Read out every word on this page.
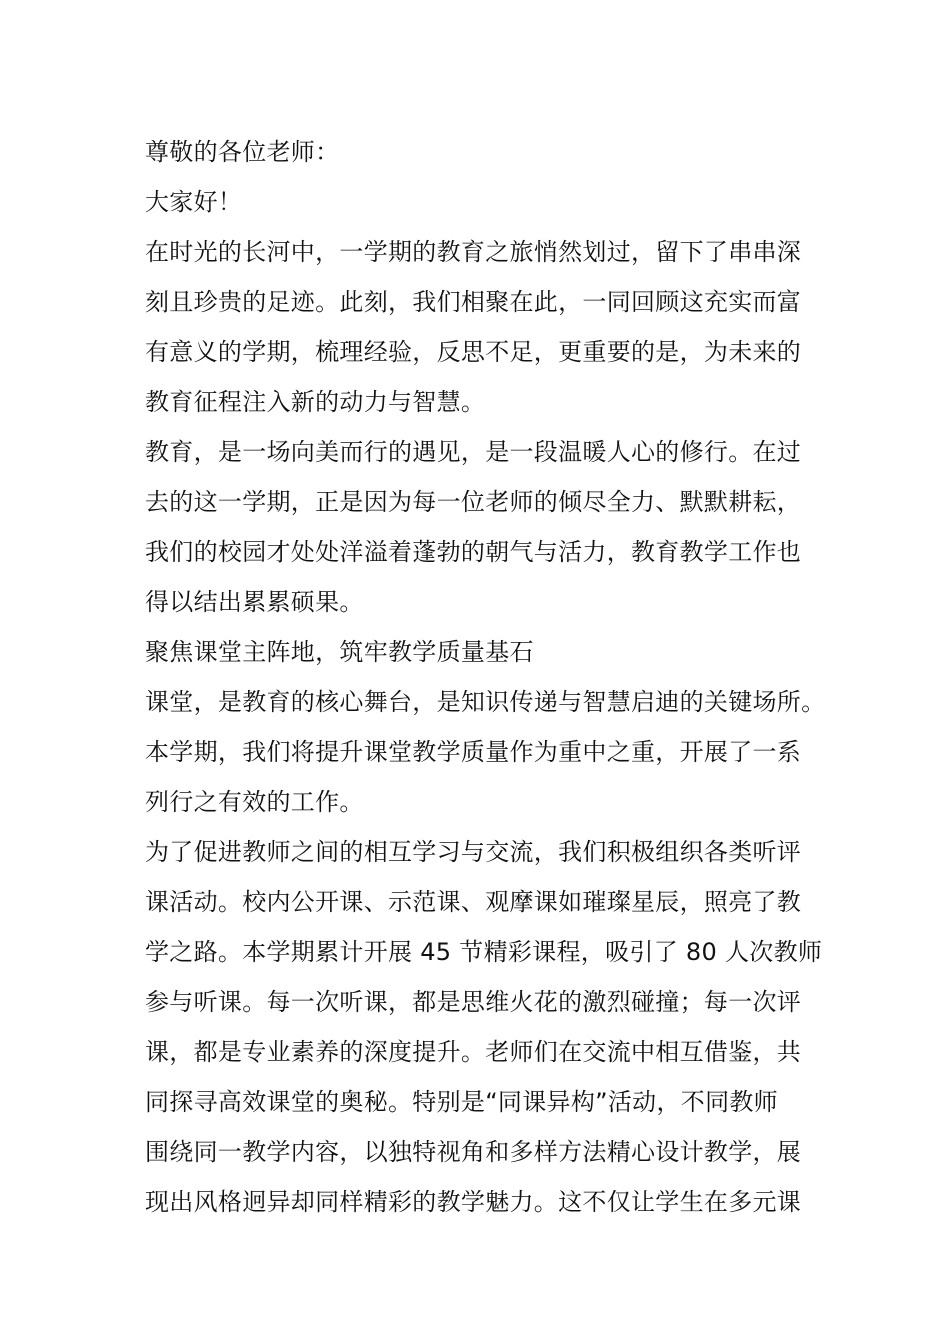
尊敬的各位老师：
大家好！
在时光的长河中，一学期的教育之旅悄然划过，留下了串串深
刻且珍贵的足迹。此刻，我们相聚在此，一同回顾这充实而富
有意义的学期，梳理经验，反思不足，更重要的是，为未来的
教育征程注入新的动力与智慧。
教育，是一场向美而行的遇见，是一段温暖人心的修行。在过
去的这一学期，正是因为每一位老师的倾尽全力、默默耕耘，
我们的校园才处处洋溢着蓬勃的朝气与活力，教育教学工作也
得以结出累累硕果。
聚焦课堂主阵地，筑牢教学质量基石
课堂，是教育的核心舞台，是知识传递与智慧启迪的关键场所。
本学期，我们将提升课堂教学质量作为重中之重，开展了一系
列行之有效的工作。
为了促进教师之间的相互学习与交流，我们积极组织各类听评
课活动。校内公开课、示范课、观摩课如璀璨星辰，照亮了教
学之路。本学期累计开展 45 节精彩课程，吸引了 80 人次教师
参与听课。每一次听课，都是思维火花的激烈碰撞；每一次评
课，都是专业素养的深度提升。老师们在交流中相互借鉴，共
同探寻高效课堂的奥秘。特别是“同课异构”活动，不同教师
围绕同一教学内容，以独特视角和多样方法精心设计教学，展
现出风格迥异却同样精彩的教学魅力。这不仅让学生在多元课
